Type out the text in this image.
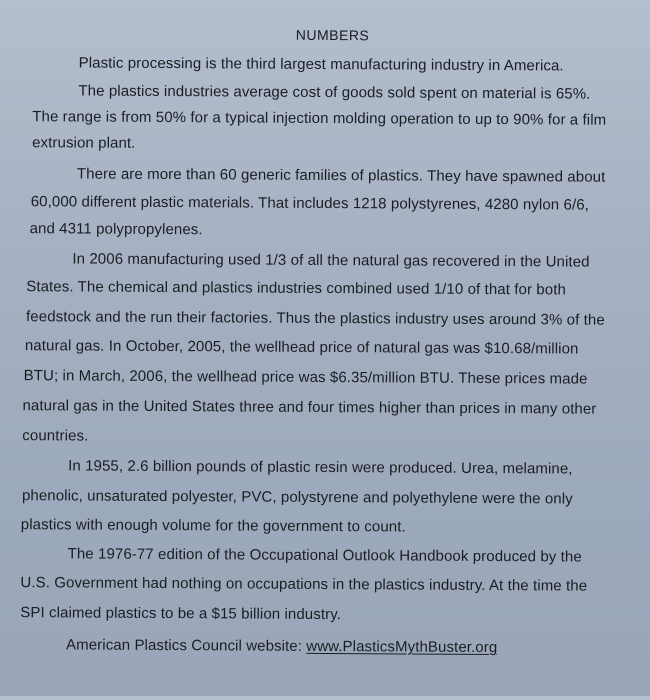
NUMBERS
Plastic processing is the third largest manufacturing industry in America.
The plastics industries average cost of goods sold spent on material is 65%.
The range is from 50% for a typical injection molding operation to up to 90% for a film
extrusion plant.
There are more than 60 generic families of plastics. They have spawned about
60,000 different plastic materials. That includes 1218 polystyrenes, 4280 nylon 6/6,
and 4311 polypropylenes.
In 2006 manufacturing used 1/3 of all the natural gas recovered in the United
States. The chemical and plastics industries combined used 1/10 of that for both
feedstock and the run their factories. Thus the plastics industry uses around 3% of the
natural gas. In October, 2005, the wellhead price of natural gas was $10.68/million
BTU; in March, 2006, the wellhead price was $6.35/million BTU. These prices made
natural gas in the United States three and four times higher than prices in many other
countries.
In 1955, 2.6 billion pounds of plastic resin were produced. Urea, melamine,
phenolic, unsaturated polyester, PVC, polystyrene and polyethylene were the only
plastics with enough volume for the government to count.
The 1976-77 edition of the Occupational Outlook Handbook produced by the
U.S. Government had nothing on occupations in the plastics industry. At the time the
SPI claimed plastics to be a $15 billion industry.
American Plastics Council website: www.PlasticsMythBuster.org
